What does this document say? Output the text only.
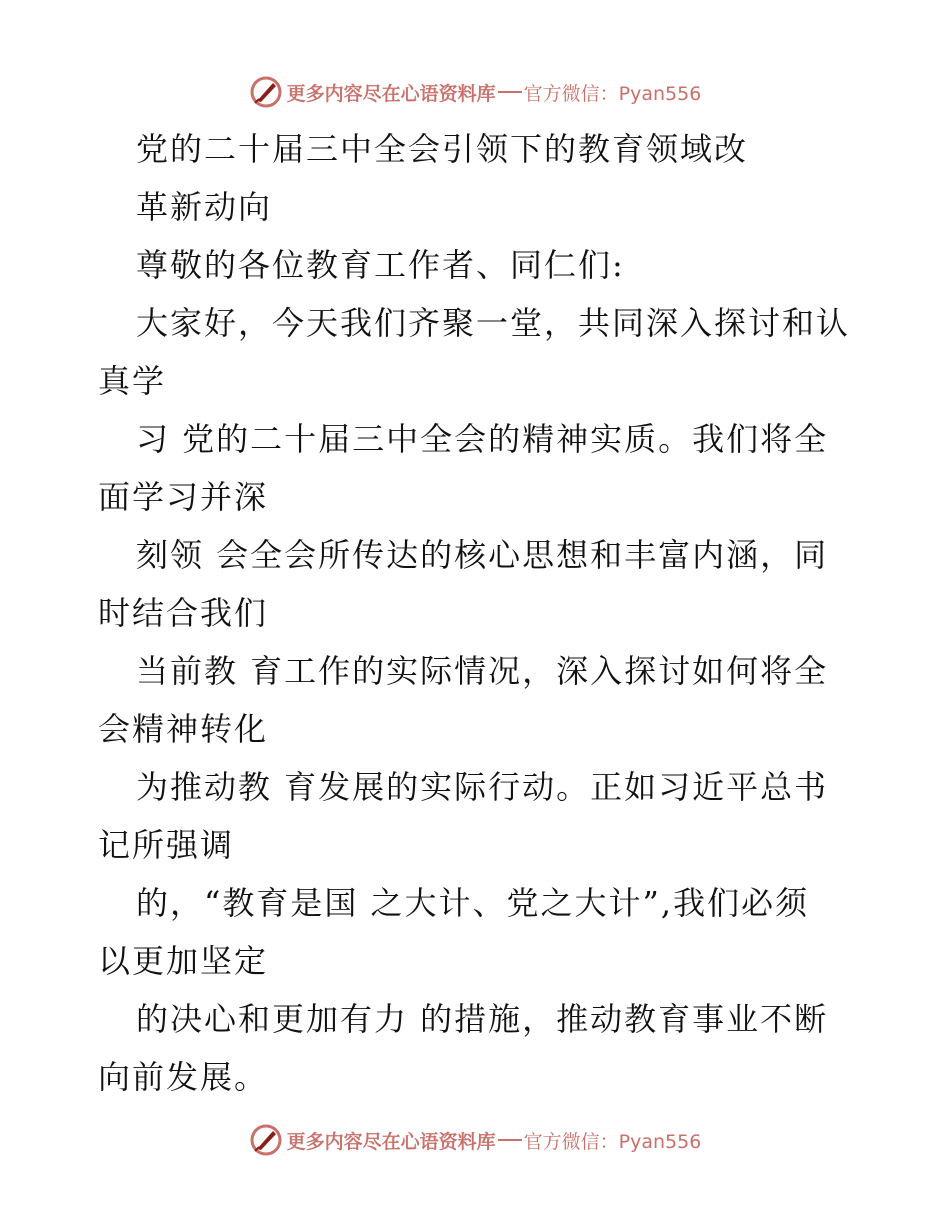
更多内容尽在心语资料库 官方微信：Pyan556
党的二十届三中全会引领下的教育领域改
革新动向
尊敬的各位教育工作者、同仁们:
大家好，今天我们齐聚一堂，共同深入探讨和认
真学
习 党的二十届三中全会的精神实质。我们将全
面学习并深
刻领 会全会所传达的核心思想和丰富内涵，同
时结合我们
当前教 育工作的实际情况，深入探讨如何将全
会精神转化
为推动教 育发展的实际行动。正如习近平总书
记所强调
的，“教育是国 之大计、党之大计”,我们必须
以更加坚定
的决心和更加有力 的措施，推动教育事业不断
向前发展。
更多内容尽在心语资料库 官方微信：Pyan556
